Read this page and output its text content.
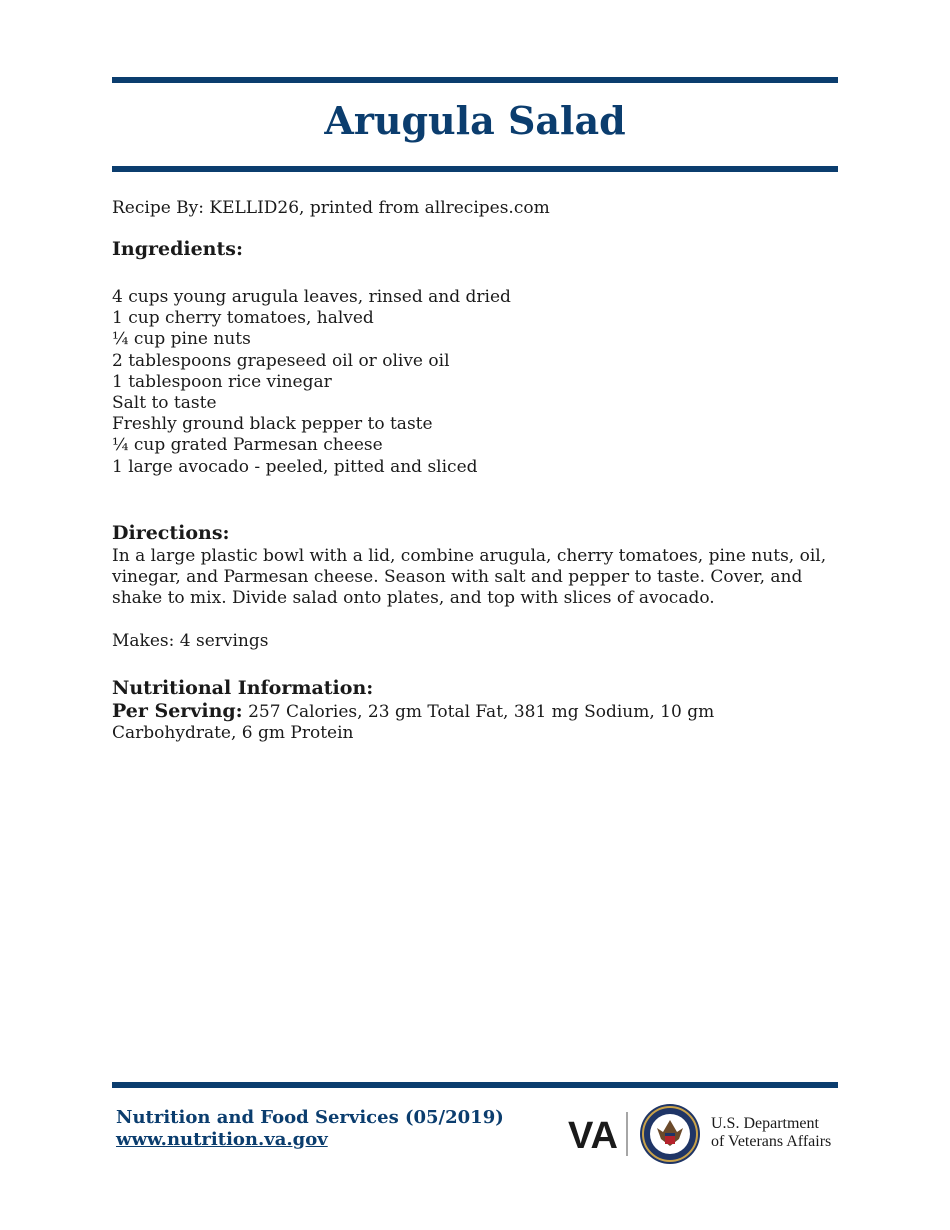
Arugula Salad
Recipe By: KELLID26, printed from allrecipes.com
Ingredients:
4 cups young arugula leaves, rinsed and dried
1 cup cherry tomatoes, halved
¼ cup pine nuts
2 tablespoons grapeseed oil or olive oil
1 tablespoon rice vinegar
Salt to taste
Freshly ground black pepper to taste
¼ cup grated Parmesan cheese
1 large avocado - peeled, pitted and sliced
Directions:
In a large plastic bowl with a lid, combine arugula, cherry tomatoes, pine nuts, oil, vinegar, and Parmesan cheese. Season with salt and pepper to taste. Cover, and shake to mix. Divide salad onto plates, and top with slices of avocado.
Makes: 4 servings
Nutritional Information:
Per Serving: 257 Calories, 23 gm Total Fat, 381 mg Sodium, 10 gm Carbohydrate, 6 gm Protein
Nutrition and Food Services (05/2019)
www.nutrition.va.gov	VA	U.S. Department
of Veterans Affairs
